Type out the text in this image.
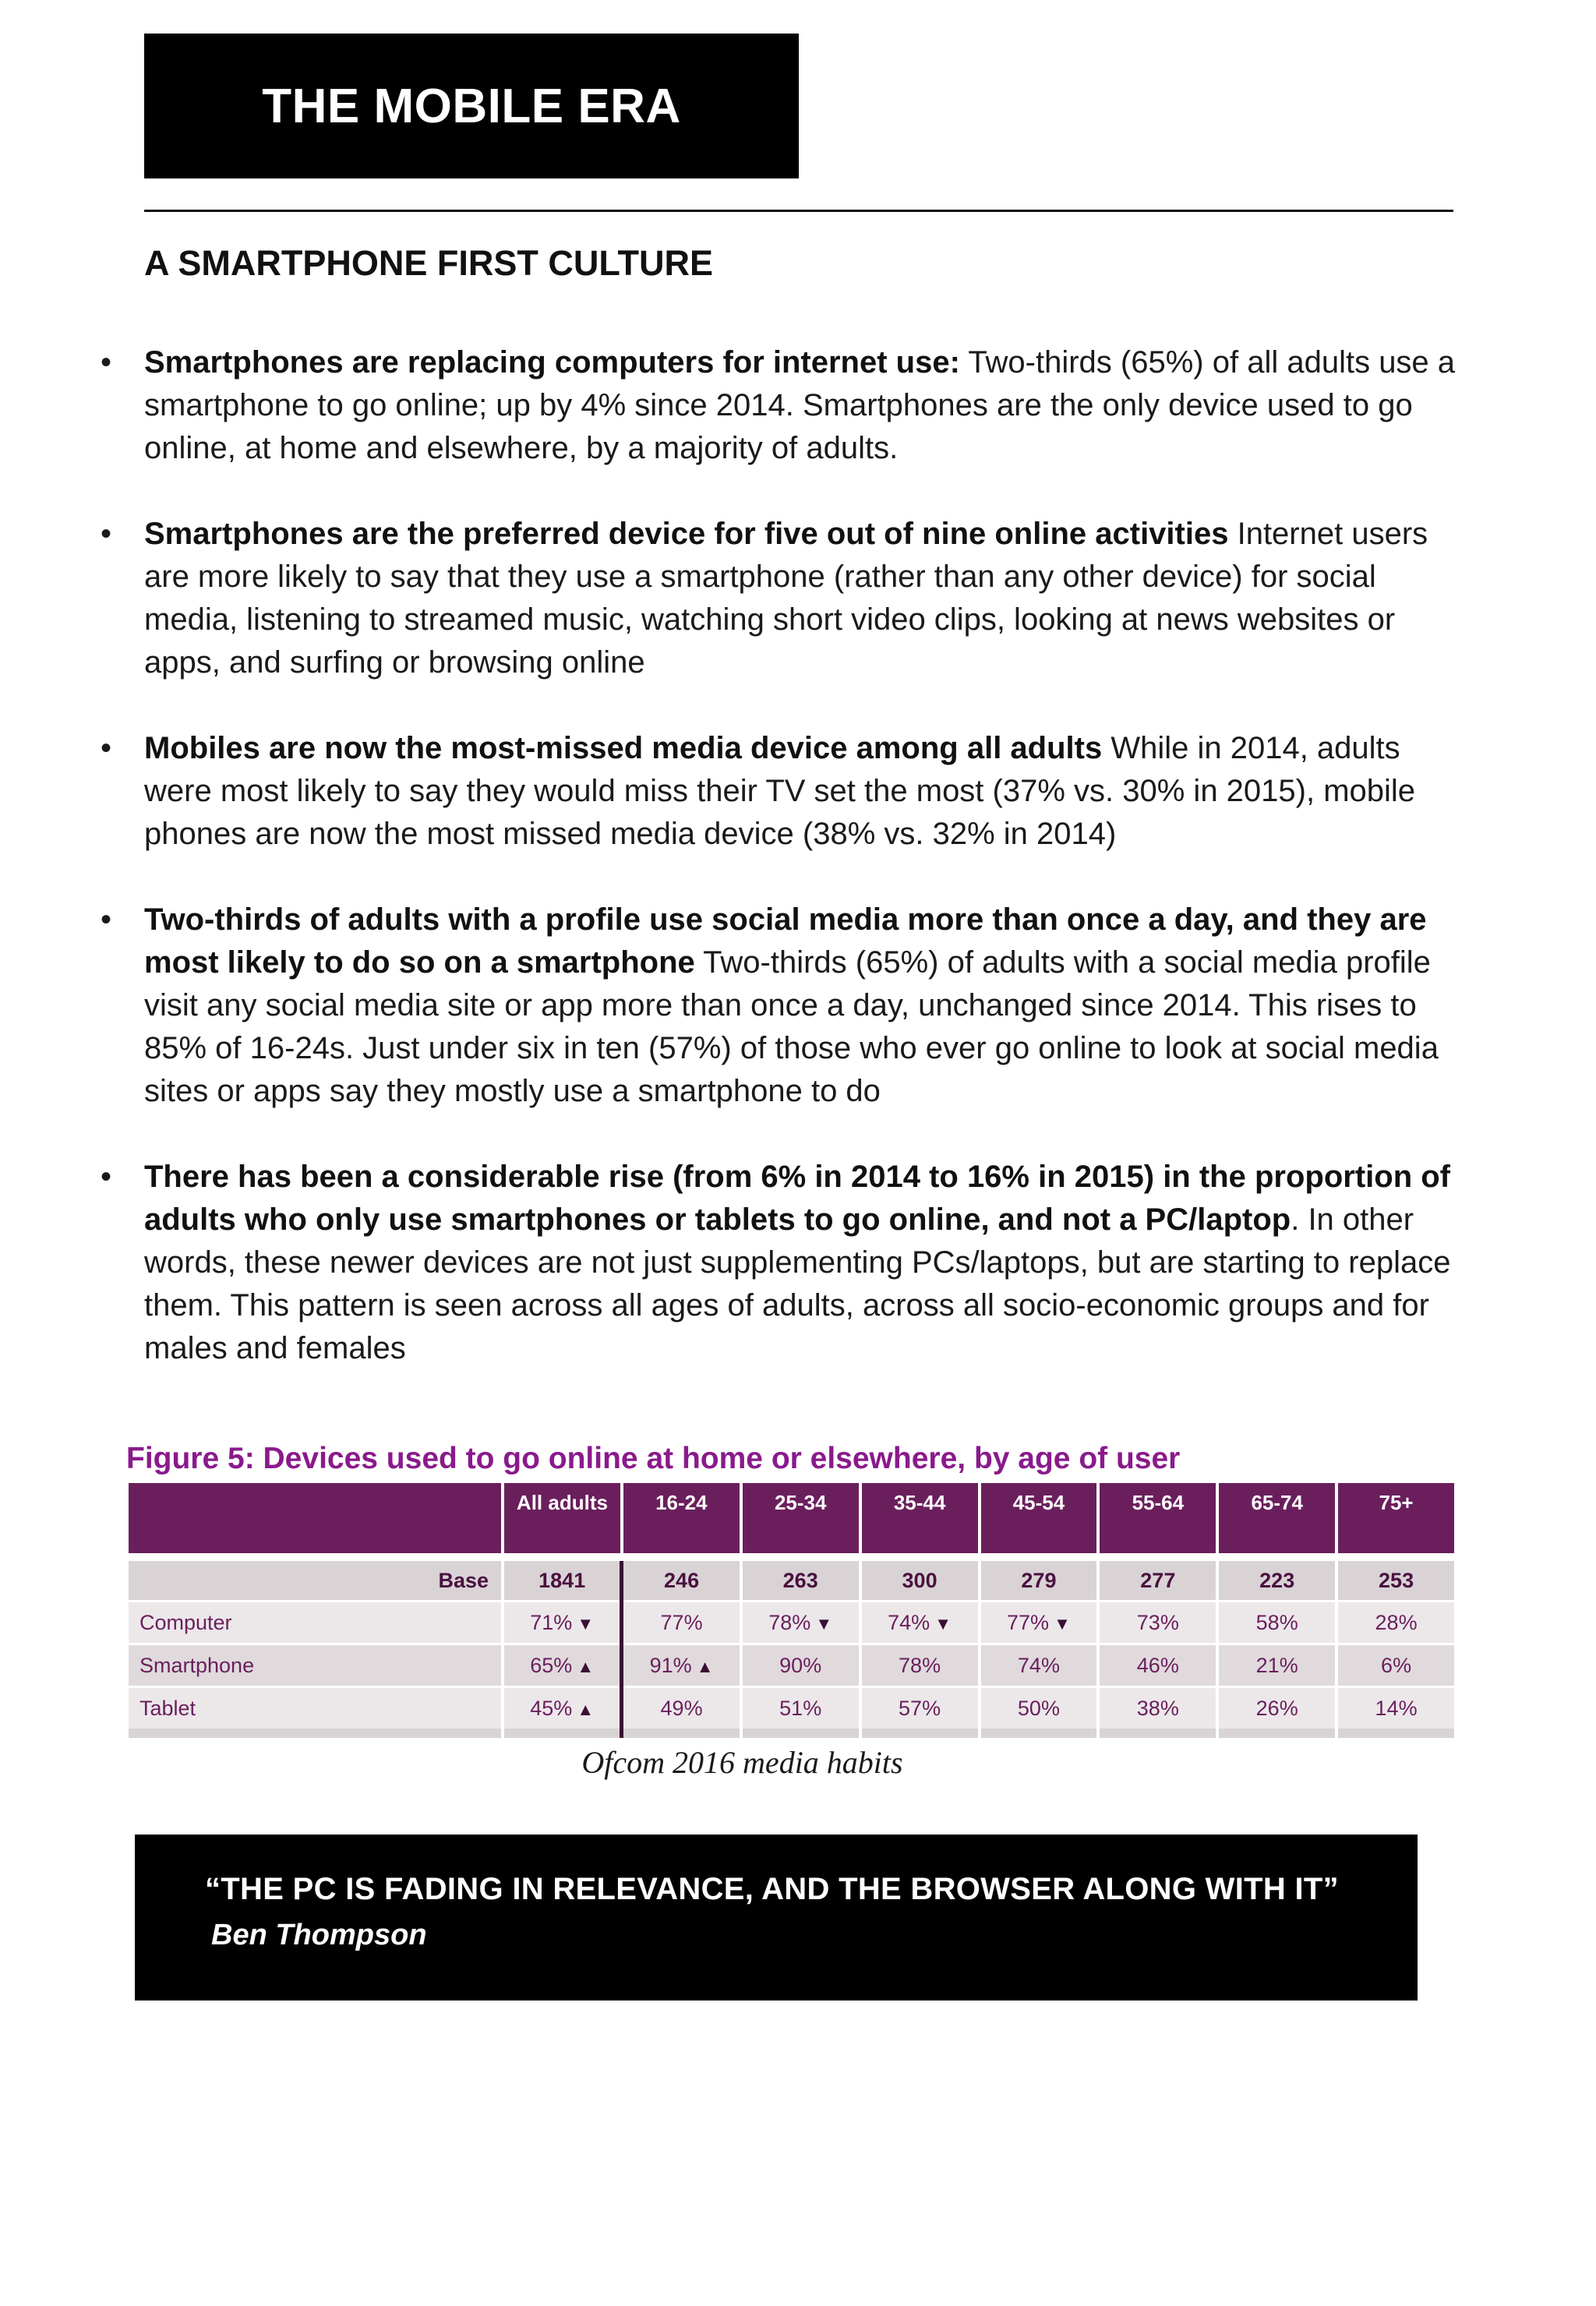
THE MOBILE ERA
A SMARTPHONE FIRST CULTURE
• Smartphones are replacing computers for internet use: Two-thirds (65%) of all adults use a smartphone to go online; up by 4% since 2014. Smartphones are the only device used to go online, at home and elsewhere, by a majority of adults.
• Smartphones are the preferred device for five out of nine online activities Internet users are more likely to say that they use a smartphone (rather than any other device) for social media, listening to streamed music, watching short video clips, looking at news websites or apps, and surfing or browsing online
• Mobiles are now the most-missed media device among all adults While in 2014, adults were most likely to say they would miss their TV set the most (37% vs. 30% in 2015), mobile phones are now the most missed media device (38% vs. 32% in 2014)
• Two-thirds of adults with a profile use social media more than once a day, and they are most likely to do so on a smartphone Two-thirds (65%) of adults with a social media profile visit any social media site or app more than once a day, unchanged since 2014. This rises to 85% of 16-24s. Just under six in ten (57%) of those who ever go online to look at social media sites or apps say they mostly use a smartphone to do
• There has been a considerable rise (from 6% in 2014 to 16% in 2015) in the proportion of adults who only use smartphones or tablets to go online, and not a PC/laptop. In other words, these newer devices are not just supplementing PCs/laptops, but are starting to replace them. This pattern is seen across all ages of adults, across all socio-economic groups and for males and females
Figure 5: Devices used to go online at home or elsewhere, by age of user
	All adults	16-24	25-34	35-44	45-54	55-64	65-74	75+

Base	1841	246	263	300	279	277	223	253
Computer	71% ▼	77%	78% ▼	74% ▼	77% ▼	73%	58%	28%
Smartphone	65% ▲	91% ▲	90%	78%	74%	46%	21%	6%
Tablet	45% ▲	49%	51%	57%	50%	38%	26%	14%

Ofcom 2016 media habits

“THE PC IS FADING IN RELEVANCE, AND THE BROWSER ALONG WITH IT”

Ben Thompson
